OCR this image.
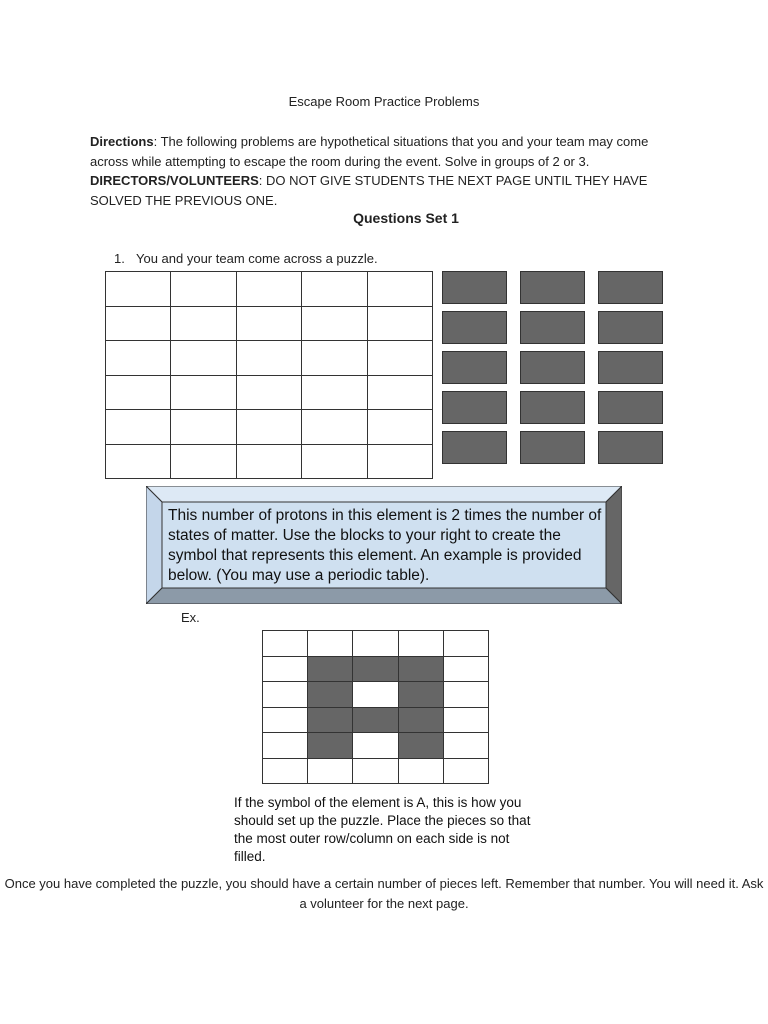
Escape Room Practice Problems
Directions: The following problems are hypothetical situations that you and your team may come across while attempting to escape the room during the event. Solve in groups of 2 or 3. DIRECTORS/VOLUNTEERS: DO NOT GIVE STUDENTS THE NEXT PAGE UNTIL THEY HAVE SOLVED THE PREVIOUS ONE.
Questions Set 1
1. You and your team come across a puzzle.

This number of protons in this element is 2 times the number of states of matter. Use the blocks to your right to create the symbol that represents this element. An example is provided below. (You may use a periodic table).
Ex.

If the symbol of the element is A, this is how you should set up the puzzle. Place the pieces so that the most outer row/column on each side is not filled.
Once you have completed the puzzle, you should have a certain number of pieces left. Remember that number. You will need it. Ask a volunteer for the next page.
